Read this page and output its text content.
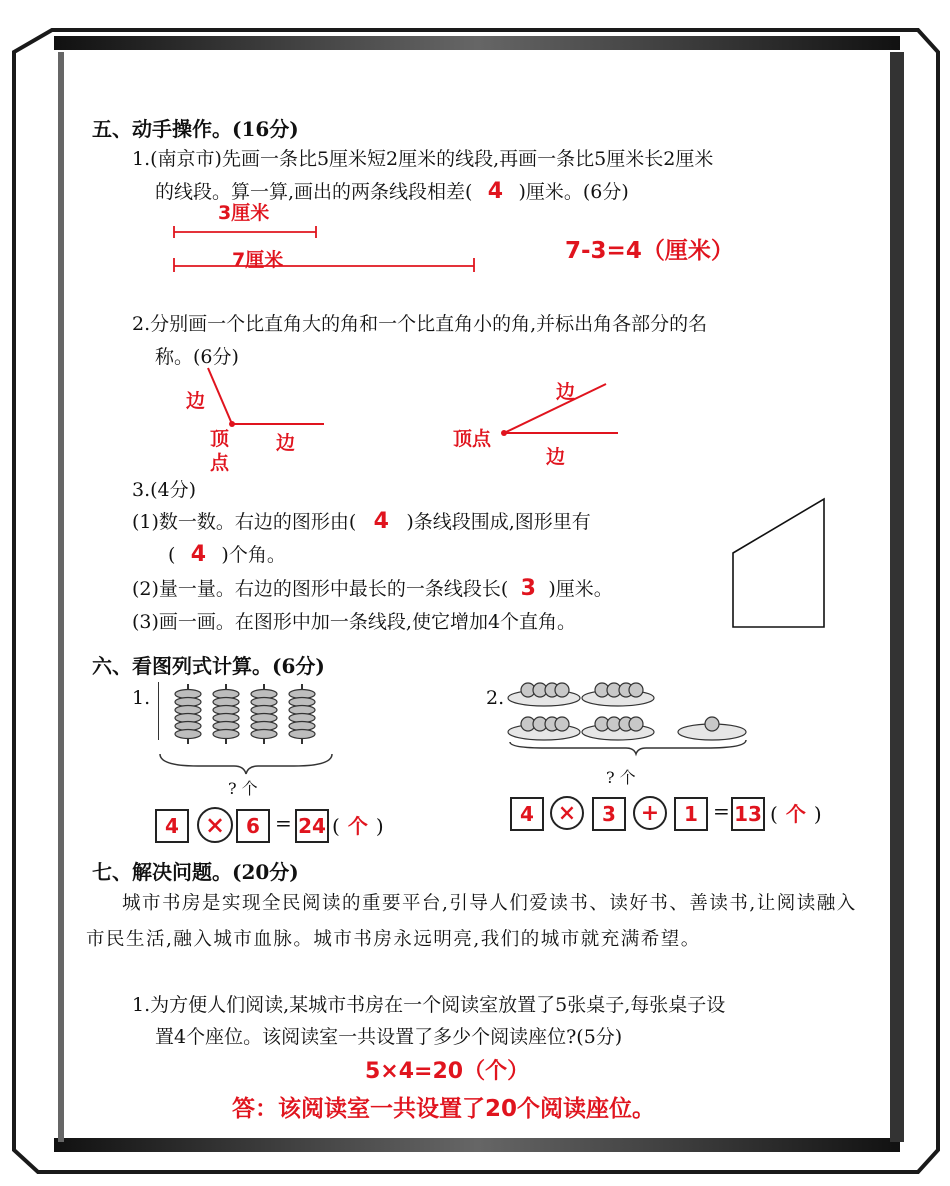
五、动手操作。(16分)
1.(南京市)先画一条比5厘米短2厘米的线段,再画一条比5厘米长2厘米
的线段。算一算,画出的两条线段相差( 4 )厘米。(6分)
3厘米
7厘米	7-3=4（厘米）
2.分别画一个比直角大的角和一个比直角小的角,并标出角各部分的名
称。(6分)
边
顶
点
边
边
顶点
边
3.(4分)
(1)数一数。右边的图形由( 4 )条线段围成,图形里有
( 4 )个角。
(2)量一量。右边的图形中最长的一条线段长( 3 )厘米。
(3)画一画。在图形中加一条线段,使它增加4个直角。
六、看图列式计算。(6分)
1.
? 个
4	×	6 = 24 ( 个 )
2.
? 个
4	×	3	+	1 = 13 ( 个 )
七、解决问题。(20分)
城市书房是实现全民阅读的重要平台,引导人们爱读书、读好书、善读书,让阅读融入市民生活,融入城市血脉。城市书房永远明亮,我们的城市就充满希望。
1.为方便人们阅读,某城市书房在一个阅读室放置了5张桌子,每张桌子设
置4个座位。该阅读室一共设置了多少个阅读座位?(5分)
5×4=20（个）
答：该阅读室一共设置了20个阅读座位。
